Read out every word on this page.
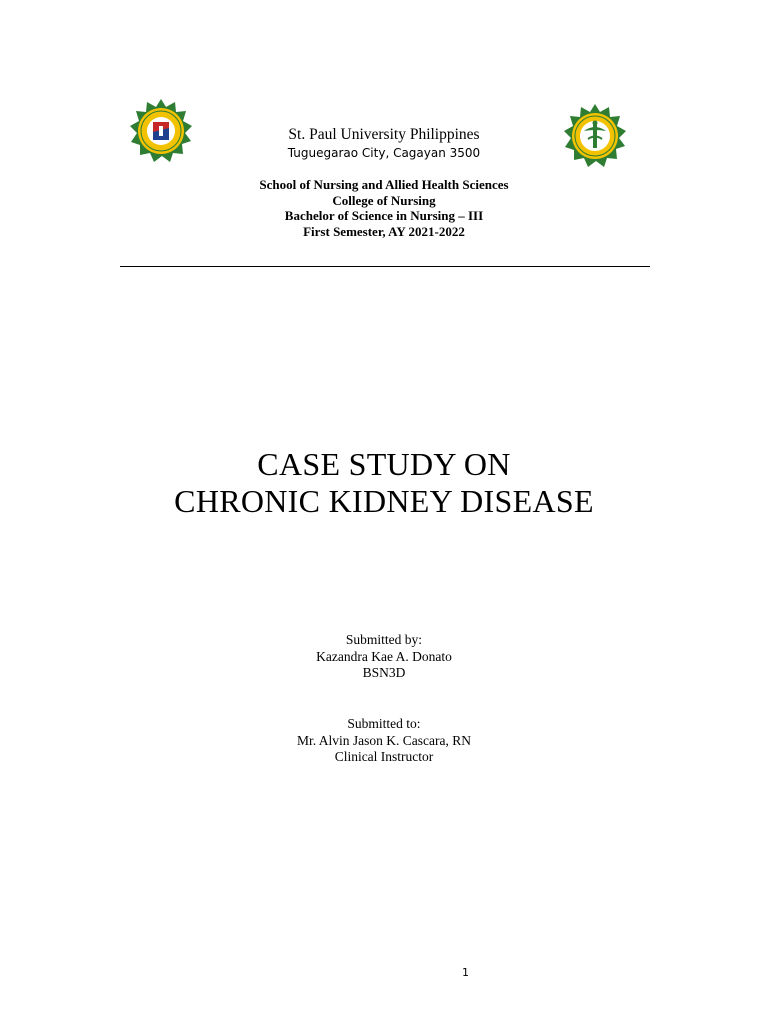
St. Paul University Philippines
Tuguegarao City, Cagayan 3500
School of Nursing and Allied Health Sciences
College of Nursing
Bachelor of Science in Nursing – III
First Semester, AY 2021-2022
CASE STUDY ON
CHRONIC KIDNEY DISEASE
Submitted by:
Kazandra Kae A. Donato
BSN3D
Submitted to:
Mr. Alvin Jason K. Cascara, RN
Clinical Instructor
1
